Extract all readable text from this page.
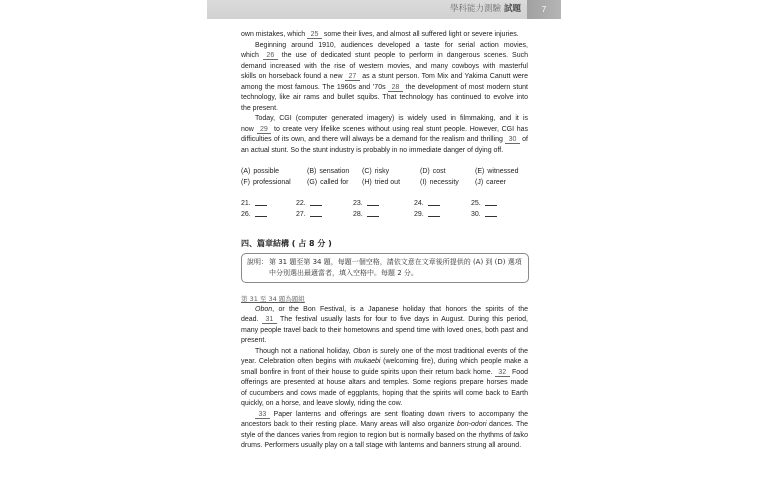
學科能力測驗 試題	7
own mistakes, which 25 some their lives, and almost all suffered light or severe injuries.
Beginning around 1910, audiences developed a taste for serial action movies,
which 26 the use of dedicated stunt people to perform in dangerous scenes. Such
demand increased with the rise of western movies, and many cowboys with masterful
skills on horseback found a new 27 as a stunt person. Tom Mix and Yakima Canutt were
among the most famous. The 1960s and ’70s 28 the development of most modern stunt
technology, like air rams and bullet squibs. That technology has continued to evolve into
the present.
Today, CGI (computer generated imagery) is widely used in filmmaking, and it is
now 29 to create very lifelike scenes without using real stunt people. However, CGI has
difficulties of its own, and there will always be a demand for the realism and thrilling 30 of
an actual stunt. So the stunt industry is probably in no immediate danger of dying off.
(A) possible	(B) sensation (C) risky	(D) cost	(E) witnessed
(F) professional (G) called for (H) tried out	(I) necessity (J) career
21.	22.	23.	24.	25.
26.	27.	28.	29.	30.
四、篇章結構 ( 占 8 分 )
說明： 第 31 題至第 34 題，每題一個空格，請依文意在文章後所提供的 (A) 到 (D) 選項
中分別選出最適當者，填入空格中。每題 2 分。
第 31 至 34 題為題組
Obon, or the Bon Festival, is a Japanese holiday that honors the spirits of the
dead. 31 The festival usually lasts for four to five days in August. During this period,
many people travel back to their hometowns and spend time with loved ones, both past and
present.
Though not a national holiday, Obon is surely one of the most traditional events of the
year. Celebration often begins with mukaebi (welcoming fire), during which people make a
small bonfire in front of their house to guide spirits upon their return back home. 32 Food
offerings are presented at house altars and temples. Some regions prepare horses made
of cucumbers and cows made of eggplants, hoping that the spirits will come back to Earth
quickly, on a horse, and leave slowly, riding the cow.
33 Paper lanterns and offerings are sent floating down rivers to accompany the
ancestors back to their resting place. Many areas will also organize bon-odori dances. The
style of the dances varies from region to region but is normally based on the rhythms of taiko
drums. Performers usually play on a tall stage with lanterns and banners strung all around.
